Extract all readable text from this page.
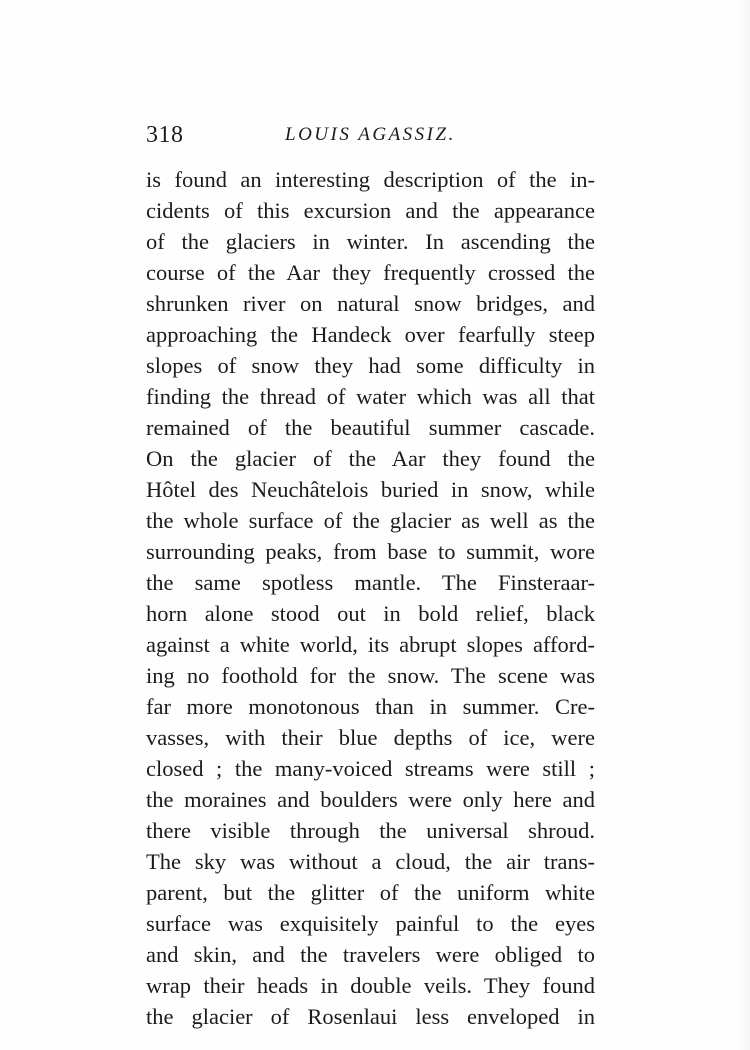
318	LOUIS AGASSIZ.
is found an interesting description of the in-
cidents of this excursion and the appearance
of the glaciers in winter. In ascending the
course of the Aar they frequently crossed the
shrunken river on natural snow bridges, and
approaching the Handeck over fearfully steep
slopes of snow they had some difficulty in
finding the thread of water which was all that
remained of the beautiful summer cascade.
On the glacier of the Aar they found the
Hôtel des Neuchâtelois buried in snow, while
the whole surface of the glacier as well as the
surrounding peaks, from base to summit, wore
the same spotless mantle. The Finsteraar-
horn alone stood out in bold relief, black
against a white world, its abrupt slopes afford-
ing no foothold for the snow. The scene was
far more monotonous than in summer. Cre-
vasses, with their blue depths of ice, were
closed ; the many-voiced streams were still ;
the moraines and boulders were only here and
there visible through the universal shroud.
The sky was without a cloud, the air trans-
parent, but the glitter of the uniform white
surface was exquisitely painful to the eyes
and skin, and the travelers were obliged to
wrap their heads in double veils. They found
the glacier of Rosenlaui less enveloped in
